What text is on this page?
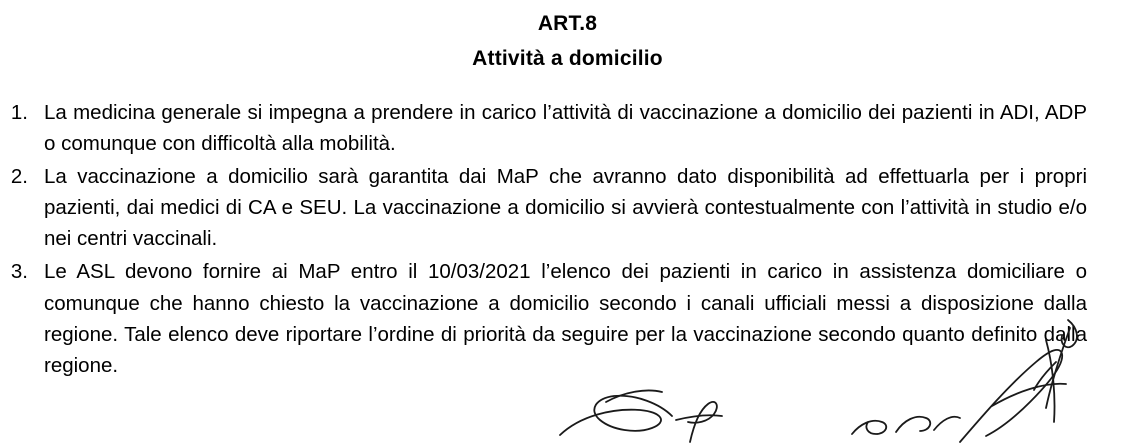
ART.8
Attività a domicilio
1. La medicina generale si impegna a prendere in carico l’attività di vaccinazione a domicilio dei pazienti in ADI, ADP o comunque con difficoltà alla mobilità.
2. La vaccinazione a domicilio sarà garantita dai MaP che avranno dato disponibilità ad effettuarla per i propri pazienti, dai medici di CA e SEU. La vaccinazione a domicilio si avvierà contestualmente con l’attività in studio e/o nei centri vaccinali.
3. Le ASL devono fornire ai MaP entro il 10/03/2021 l’elenco dei pazienti in carico in assistenza domiciliare o comunque che hanno chiesto la vaccinazione a domicilio secondo i canali ufficiali messi a disposizione dalla regione. Tale elenco deve riportare l’ordine di priorità da seguire per la vaccinazione secondo quanto definito dalla regione.
